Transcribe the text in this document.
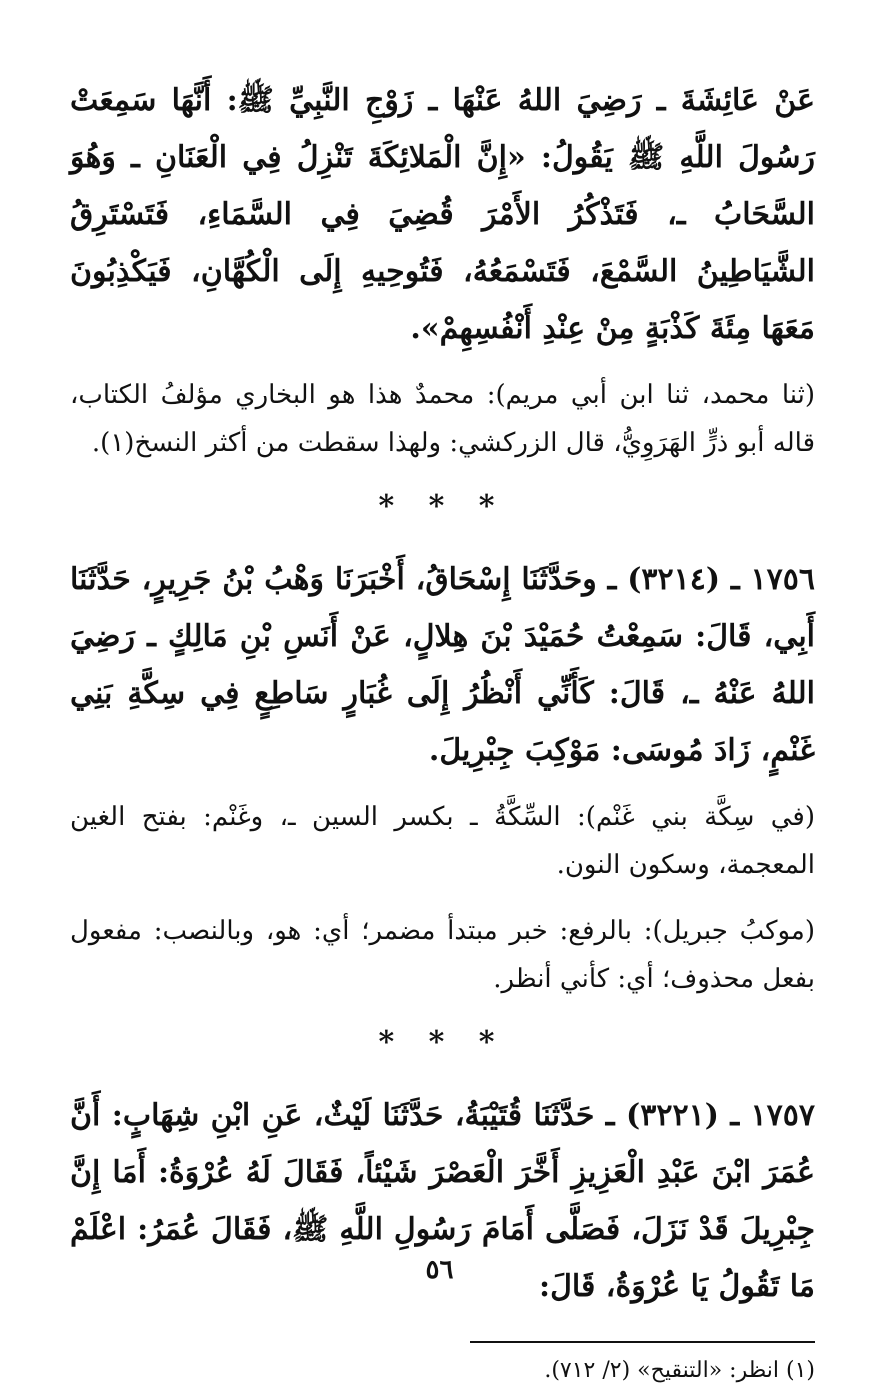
عَنْ عَائِشَةَ ـ رَضِيَ اللهُ عَنْهَا ـ زَوْجِ النَّبِيِّ ﷺ: أَنَّهَا سَمِعَتْ رَسُولَ اللَّهِ ﷺ يَقُولُ: «إِنَّ الْمَلائِكَةَ تَنْزِلُ فِي الْعَنَانِ ـ وَهُوَ السَّحَابُ ـ، فَتَذْكُرُ الأَمْرَ قُضِيَ فِي السَّمَاءِ، فَتَسْتَرِقُ الشَّيَاطِينُ السَّمْعَ، فَتَسْمَعُهُ، فَتُوحِيهِ إِلَى الْكُهَّانِ، فَيَكْذِبُونَ مَعَهَا مِئَةَ كَذْبَةٍ مِنْ عِنْدِ أَنْفُسِهِمْ».

(ثنا محمد، ثنا ابن أبي مريم): محمدٌ هذا هو البخاري مؤلفُ الكتاب، قاله أبو ذرٍّ الهَرَوِيُّ، قال الزركشي: ولهذا سقطت من أكثر النسخ(١).

* * *

١٧٥٦ ـ (٣٢١٤) ـ وحَدَّثَنَا إِسْحَاقُ، أَخْبَرَنَا وَهْبُ بْنُ جَرِيرٍ، حَدَّثَنَا أَبِي، قَالَ: سَمِعْتُ حُمَيْدَ بْنَ هِلالٍ، عَنْ أَنَسِ بْنِ مَالِكٍ ـ رَضِيَ اللهُ عَنْهُ ـ، قَالَ: كَأَنِّي أَنْظُرُ إِلَى غُبَارٍ سَاطِعٍ فِي سِكَّةِ بَنِي غَنْمٍ، زَادَ مُوسَى: مَوْكِبَ جِبْرِيلَ.

(في سِكَّة بني غَنْم): السِّكَّةُ ـ بكسر السين ـ، وغَنْم: بفتح الغين المعجمة، وسكون النون.

(موكبُ جبريل): بالرفع: خبر مبتدأ مضمر؛ أي: هو، وبالنصب: مفعول بفعل محذوف؛ أي: كأني أنظر.

* * *

١٧٥٧ ـ (٣٢٢١) ـ حَدَّثَنَا قُتَيْبَةُ، حَدَّثَنَا لَيْثٌ، عَنِ ابْنِ شِهَابٍ: أَنَّ عُمَرَ ابْنَ عَبْدِ الْعَزِيزِ أَخَّرَ الْعَصْرَ شَيْئاً، فَقَالَ لَهُ عُرْوَةُ: أَمَا إِنَّ جِبْرِيلَ قَدْ نَزَلَ، فَصَلَّى أَمَامَ رَسُولِ اللَّهِ ﷺ، فَقَالَ عُمَرُ: اعْلَمْ مَا تَقُولُ يَا عُرْوَةُ، قَالَ:

(١) انظر: «التنقيح» (٢/ ٧١٢).
٥٦
